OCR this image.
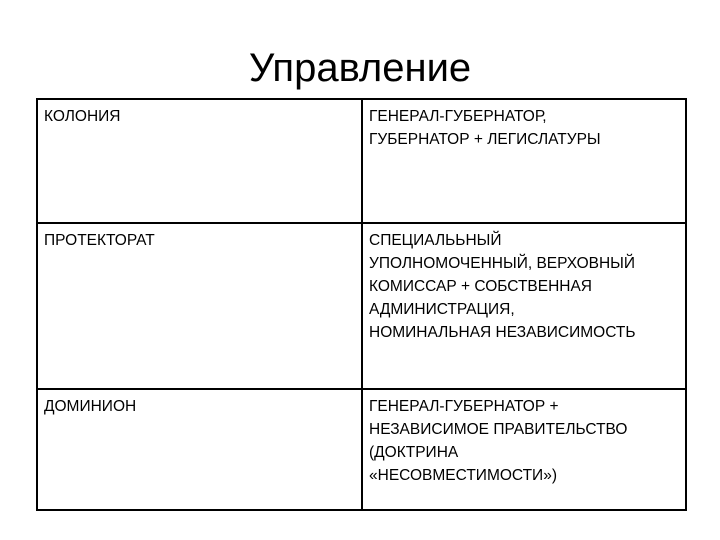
Управление
КОЛОНИЯ	ГЕНЕРАЛ-ГУБЕРНАТОР,
ГУБЕРНАТОР + ЛЕГИСЛАТУРЫ

ПРОТЕКТОРАТ	СПЕЦИАЛЬЬНЫЙ
УПОЛНОМОЧЕННЫЙ, ВЕРХОВНЫЙ
КОМИССАР + СОБСТВЕННАЯ
АДМИНИСТРАЦИЯ,
НОМИНАЛЬНАЯ НЕЗАВИСИМОСТЬ

ДОМИНИОН	ГЕНЕРАЛ-ГУБЕРНАТОР +
НЕЗАВИСИМОЕ ПРАВИТЕЛЬСТВО
(ДОКТРИНА
«НЕСОВМЕСТИМОСТИ»)
